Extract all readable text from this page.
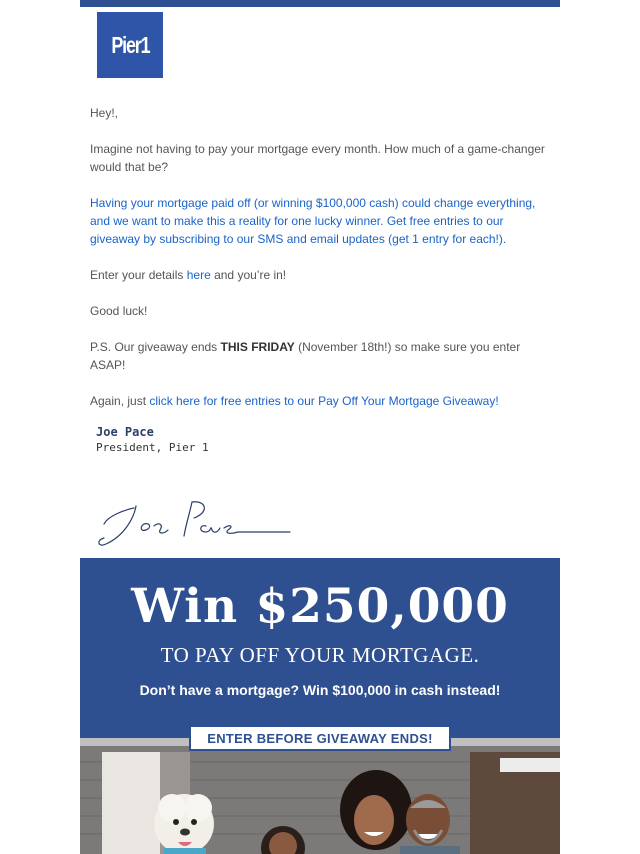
Pier1

Hey!,

Imagine not having to pay your mortgage every month. How much of a game-changer would that be?

Having your mortgage paid off (or winning $100,000 cash) could change everything, and we want to make this a reality for one lucky winner. Get free entries to our giveaway by subscribing to our SMS and email updates (get 1 entry for each!).

Enter your details here and you’re in!

Good luck!

P.S. Our giveaway ends THIS FRIDAY (November 18th!) so make sure you enter ASAP!

Again, just click here for free entries to our Pay Off Your Mortgage Giveaway!

Joe Pace
President, Pier 1
Win $250,000
TO PAY OFF YOUR MORTGAGE.
Don’t have a mortgage? Win $100,000 in cash instead!
ENTER BEFORE GIVEAWAY ENDS!
